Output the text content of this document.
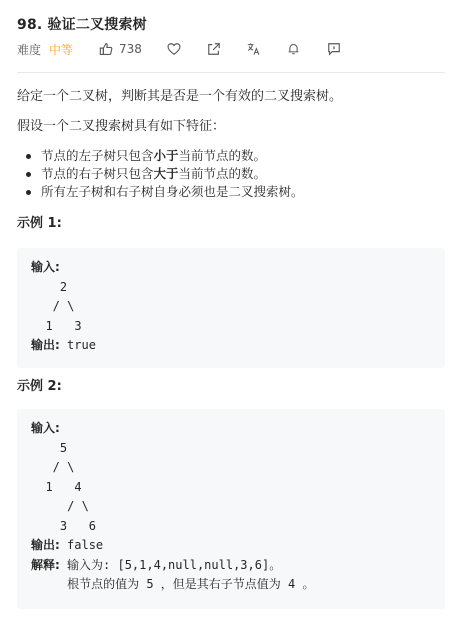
98. 验证二叉搜索树
难度 中等	738

给定一个二叉树，判断其是否是一个有效的二叉搜索树。

假设一个二叉搜索树具有如下特征：

节点的左子树只包含小于当前节点的数。
节点的右子树只包含大于当前节点的数。
所有左子树和右子树自身必须也是二叉搜索树。
示例 1:
输入:
2
/ \
1   3
输出: true
示例 2:
输入:
5
/ \
1   4
/ \
3   6
输出: false
解释: 输入为: [5,1,4,null,null,3,6]。
根节点的值为 5 ，但是其右子节点值为 4 。
